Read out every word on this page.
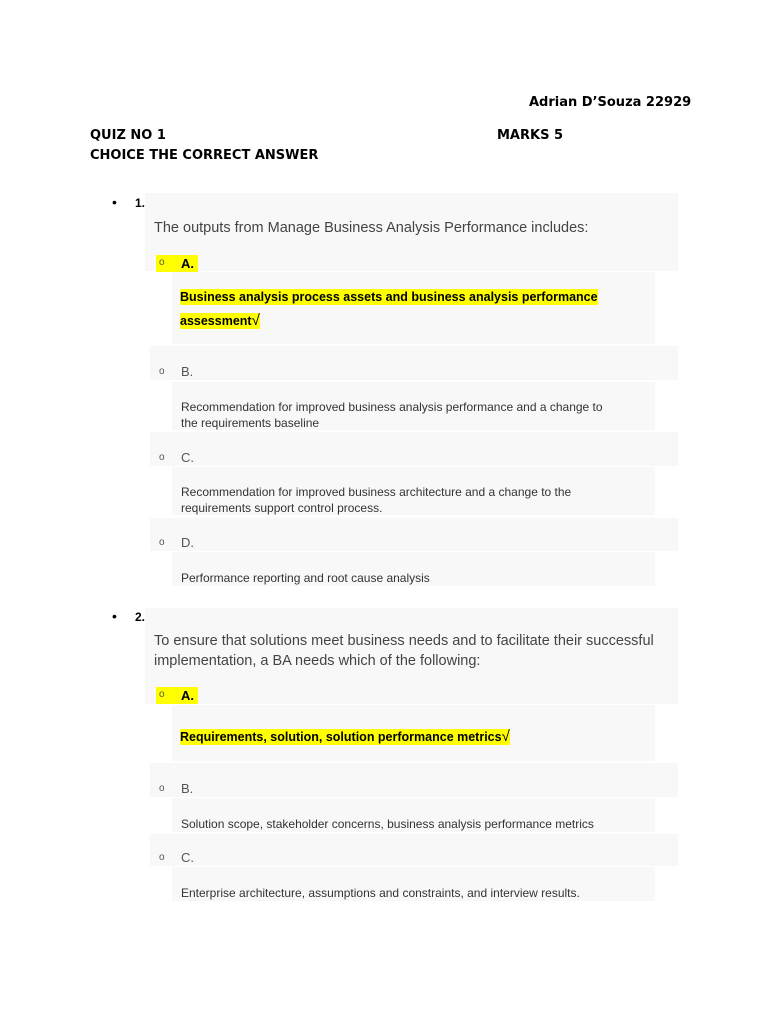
Adrian D’Souza 22929
QUIZ NO 1	MARKS 5
CHOICE THE CORRECT ANSWER
• 1.
The outputs from Manage Business Analysis Performance includes:
o A.
Business analysis process assets and business analysis performance
assessment√
o B.
Recommendation for improved business analysis performance and a change to
the requirements baseline
o C.
Recommendation for improved business architecture and a change to the
requirements support control process.
o D.
Performance reporting and root cause analysis
• 2.
To ensure that solutions meet business needs and to facilitate their successful
implementation, a BA needs which of the following:
o A.
Requirements, solution, solution performance metrics√
o B.
Solution scope, stakeholder concerns, business analysis performance metrics
o C.
Enterprise architecture, assumptions and constraints, and interview results.
